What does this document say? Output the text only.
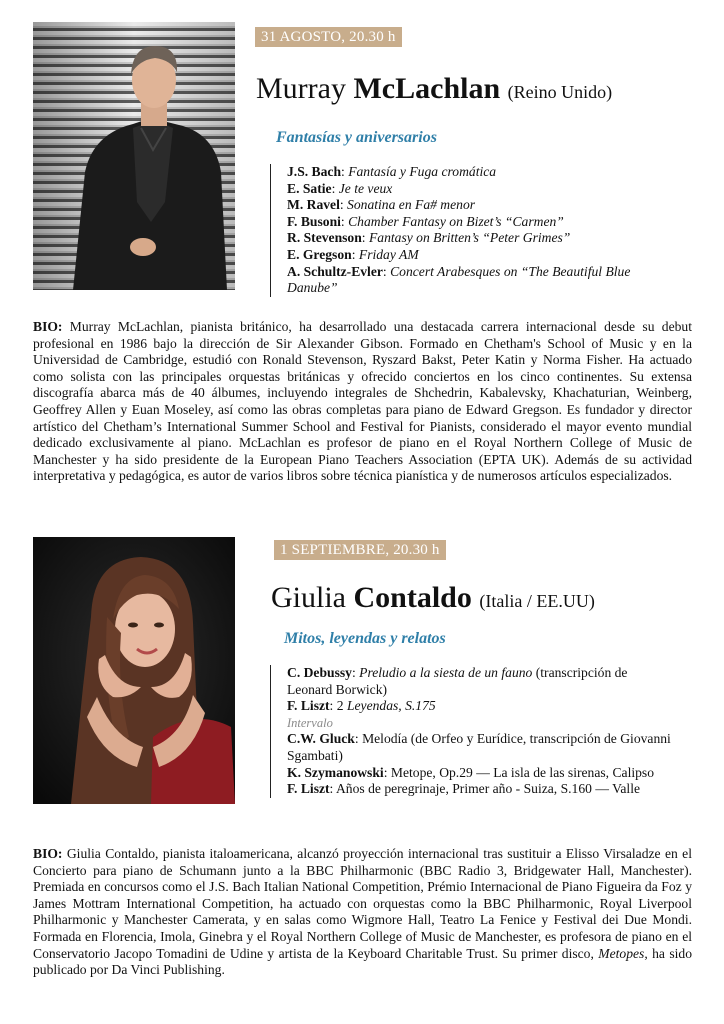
31 AGOSTO, 20.30 h
Murray McLachlan (Reino Unido)
Fantasías y aniversarios
J.S. Bach: Fantasía y Fuga cromática
E. Satie: Je te veux
M. Ravel: Sonatina en Fa# menor
F. Busoni: Chamber Fantasy on Bizet’s “Carmen”
R. Stevenson: Fantasy on Britten’s “Peter Grimes”
E. Gregson: Friday AM
A. Schultz-Evler: Concert Arabesques on “The Beautiful Blue Danube”
BIO: Murray McLachlan, pianista británico, ha desarrollado una destacada carrera internacional desde su debut profesional en 1986 bajo la dirección de Sir Alexander Gibson. Formado en Chetham's School of Music y en la Universidad de Cambridge, estudió con Ronald Stevenson, Ryszard Bakst, Peter Katin y Norma Fisher. Ha actuado como solista con las principales orquestas británicas y ofrecido conciertos en los cinco continentes. Su extensa discografía abarca más de 40 álbumes, incluyendo integrales de Shchedrin, Kabalevsky, Khachaturian, Weinberg, Geoffrey Allen y Euan Moseley, así como las obras completas para piano de Edward Gregson. Es fundador y director artístico del Chetham’s International Summer School and Festival for Pianists, considerado el mayor evento mundial dedicado exclusivamente al piano. McLachlan es profesor de piano en el Royal Northern College of Music de Manchester y ha sido presidente de la European Piano Teachers Association (EPTA UK). Además de su actividad interpretativa y pedagógica, es autor de varios libros sobre técnica pianística y de numerosos artículos especializados.
1 SEPTIEMBRE, 20.30 h
Giulia Contaldo (Italia / EE.UU)
Mitos, leyendas y relatos
C. Debussy: Preludio a la siesta de un fauno (transcripción de Leonard Borwick)
F. Liszt: 2 Leyendas, S.175
Intervalo
C.W. Gluck: Melodía (de Orfeo y Eurídice, transcripción de Giovanni Sgambati)
K. Szymanowski: Metope, Op.29 — La isla de las sirenas, Calipso
F. Liszt: Años de peregrinaje, Primer año - Suiza, S.160 — Valle
BIO: Giulia Contaldo, pianista italoamericana, alcanzó proyección internacional tras sustituir a Elisso Virsaladze en el Concierto para piano de Schumann junto a la BBC Philharmonic (BBC Radio 3, Bridgewater Hall, Manchester). Premiada en concursos como el J.S. Bach Italian National Competition, Prémio Internacional de Piano Figueira da Foz y James Mottram International Competition, ha actuado con orquestas como la BBC Philharmonic, Royal Liverpool Philharmonic y Manchester Camerata, y en salas como Wigmore Hall, Teatro La Fenice y Festival dei Due Mondi. Formada en Florencia, Imola, Ginebra y el Royal Northern College of Music de Manchester, es profesora de piano en el Conservatorio Jacopo Tomadini de Udine y artista de la Keyboard Charitable Trust. Su primer disco, Metopes, ha sido publicado por Da Vinci Publishing.
